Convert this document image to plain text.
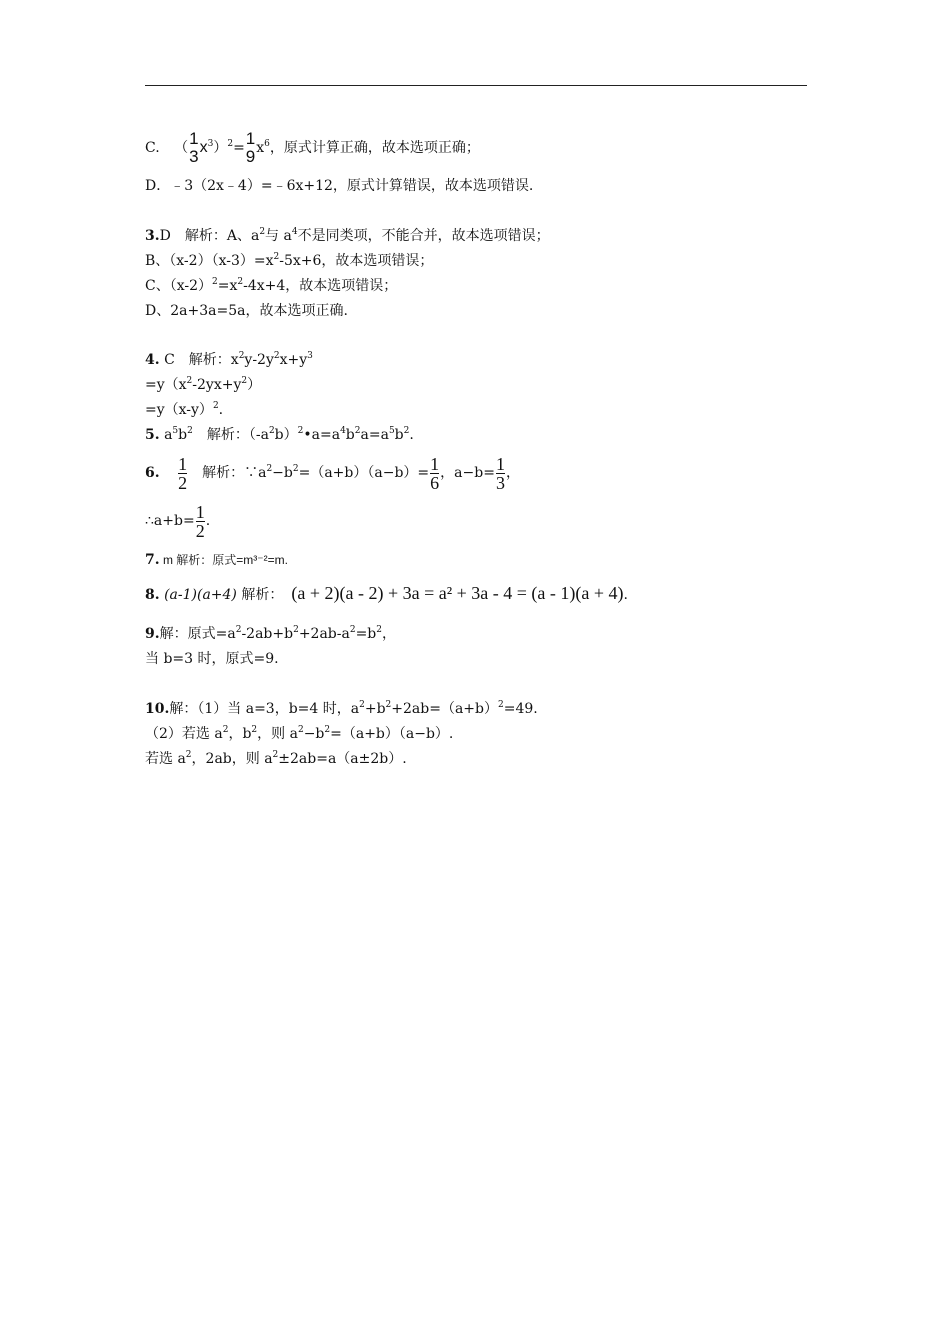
C. （ 1
3 $x^3)^2= 1$
9 $x^6$，原式计算正确，故本选项正确；
D．﹣3（2x﹣4）=﹣6x+12，原式计算错误，故本选项错误.
3.D　解析：A、$a^2$与 $a^4$不是同类项，不能合并，故本选项错误；
B、$(x-2)(x-3)=x^2-5x+6$，故本选项错误；
C、$(x-2)^2=x^2-4x+4$，故本选项错误；
D、2a+3a=5a，故本选项正确.
4. C　解析：$x^2y-2y^2x+y^3$
$=y(x^2-2yx+y^2)$
$=y(x-y)^2$.
5. $a^5b^2$　解析：$(-a^2b)^2•a=a^4b^2a=a^5b^2$.
6. $\frac{1}{2}$ 　解析：$\because a^2-b^2=(a+b)(a-b)= \frac{1}{6}$ ，$a-b= \frac{1}{3}$ ，
∴a+b= $\frac{1}{2}$ .
7. m 解析：原式=m³⁻²=m.
8. (a-1)(a+4) 解析： (a + 2)(a - 2) + 3a = a² + 3a - 4 = (a - 1)(a + 4).
9.解：原式$=a^2-2ab+b^2+2ab-a^2=b^2$，
当 b=3 时，原式=9.
10.解：（1）当 a=3，b=4 时，$a^2+b^2+2ab=(a+b)^2=49$.
（2）若选 $a^2$，$b^2$，则 $a^2-b^2=(a+b)(a-b)$.
若选 $a^2$，2ab，则 $a^2\pm 2ab=a(a\pm 2b)$.
